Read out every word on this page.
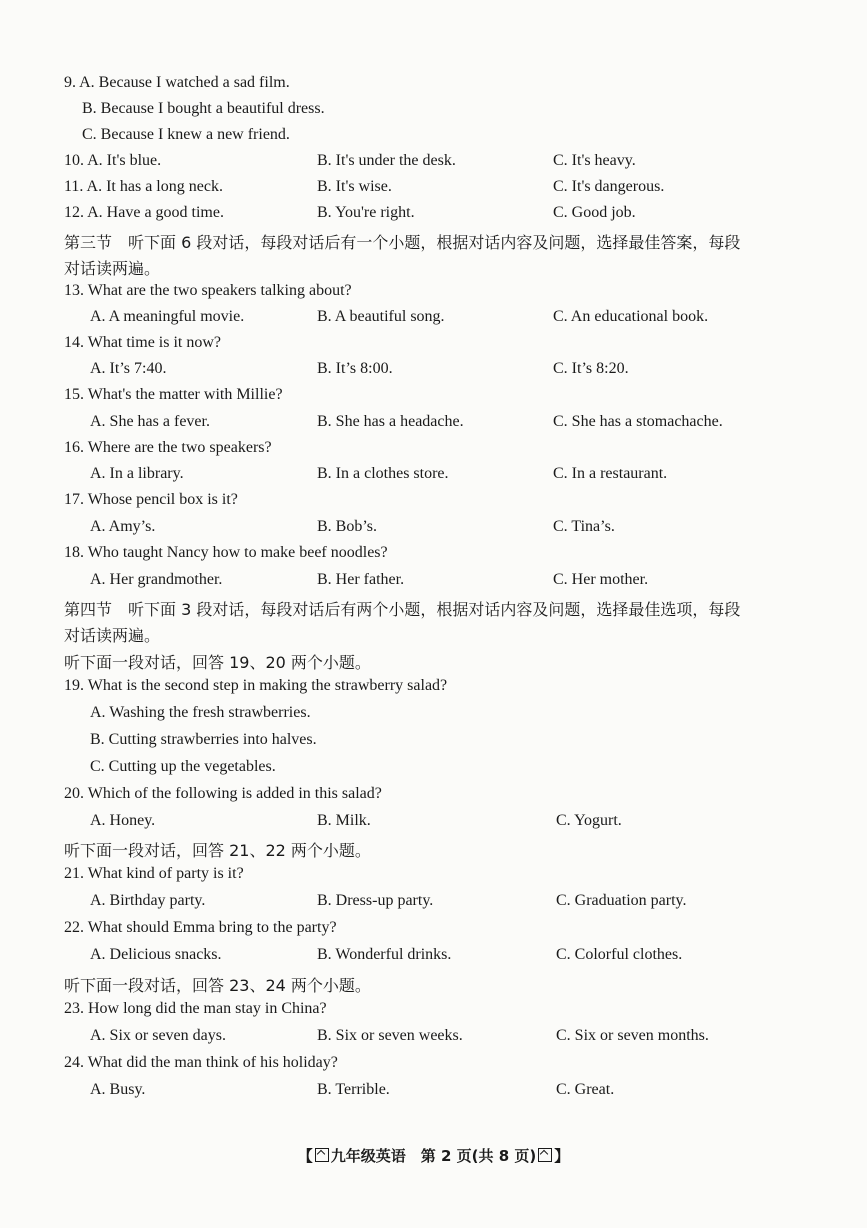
9. A. Because I watched a sad film.
B. Because I bought a beautiful dress.
C. Because I knew a new friend.
10. A. It's blue.	B. It's under the desk.	C. It's heavy.
11. A. It has a long neck.	B. It's wise.	C. It's dangerous.
12. A. Have a good time.	B. You're right.	C. Good job.
第三节　听下面 6 段对话，每段对话后有一个小题，根据对话内容及问题，选择最佳答案，每段
对话读两遍。
13. What are the two speakers talking about?
A. A meaningful movie.	B. A beautiful song.	C. An educational book.
14. What time is it now?
A. It’s 7:40.	B. It’s 8:00.	C. It’s 8:20.
15. What's the matter with Millie?
A. She has a fever.	B. She has a headache.	C. She has a stomachache.
16. Where are the two speakers?
A. In a library.	B. In a clothes store.	C. In a restaurant.
17. Whose pencil box is it?
A. Amy’s.	B. Bob’s.	C. Tina’s.
18. Who taught Nancy how to make beef noodles?
A. Her grandmother.	B. Her father.	C. Her mother.
第四节　听下面 3 段对话，每段对话后有两个小题，根据对话内容及问题，选择最佳选项，每段
对话读两遍。
听下面一段对话，回答 19、20 两个小题。
19. What is the second step in making the strawberry salad?
A. Washing the fresh strawberries.
B. Cutting strawberries into halves.
C. Cutting up the vegetables.
20. Which of the following is added in this salad?
A. Honey.	B. Milk.	C. Yogurt.
听下面一段对话，回答 21、22 两个小题。
21. What kind of party is it?
A. Birthday party.	B. Dress-up party.	C. Graduation party.
22. What should Emma bring to the party?
A. Delicious snacks.	B. Wonderful drinks.	C. Colorful clothes.
听下面一段对话，回答 23、24 两个小题。
23. How long did the man stay in China?
A. Six or seven days.	B. Six or seven weeks.	C. Six or seven months.
24. What did the man think of his holiday?
A. Busy.	B. Terrible.	C. Great.
【 九年级英语　第 2 页(共 8 页) 】
